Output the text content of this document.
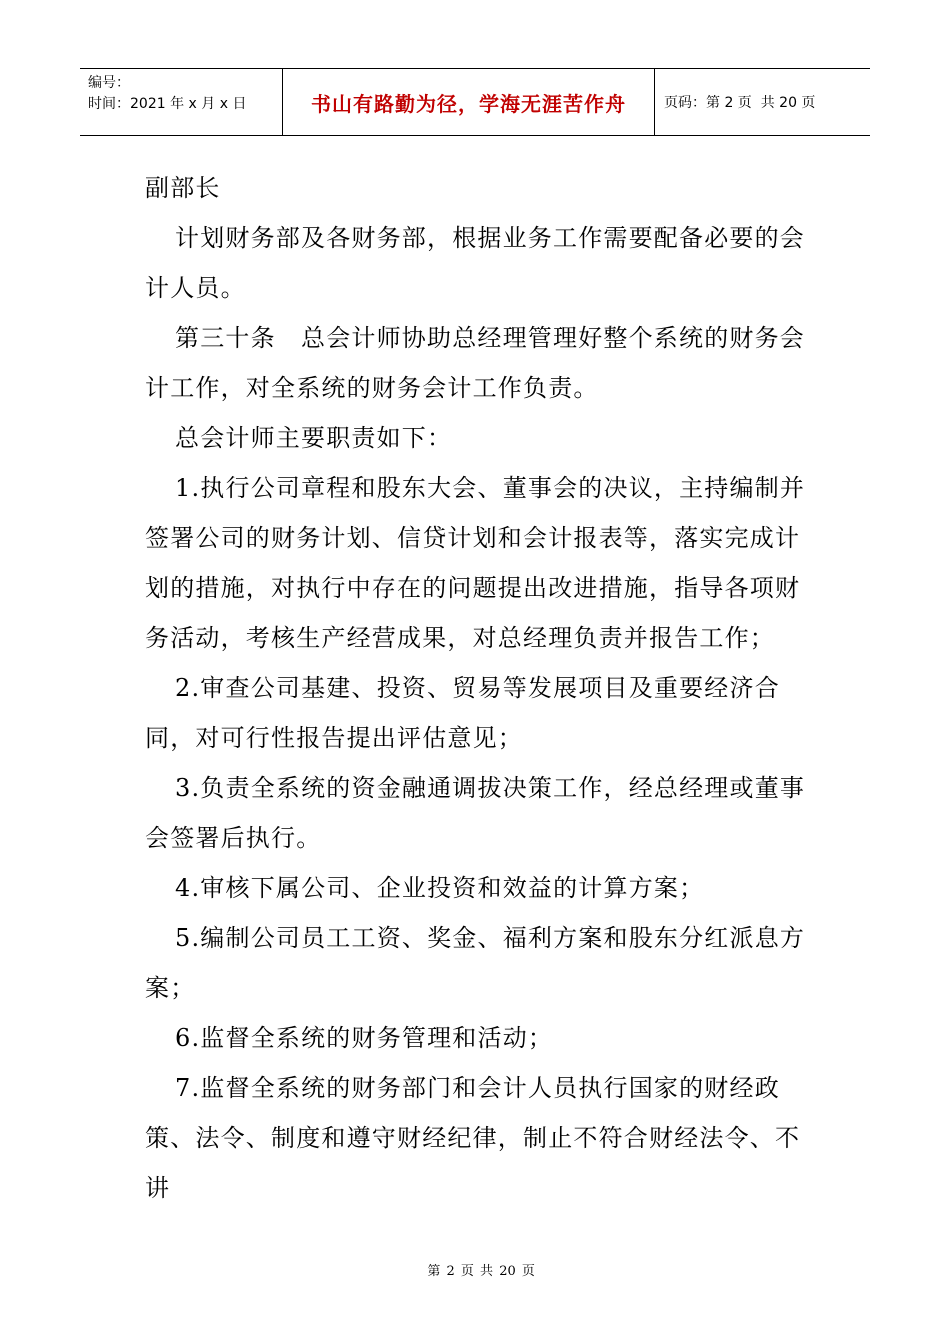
编号：
时间：2021 年 x 月 x 日	书山有路勤为径，学海无涯苦作舟	页码：第 2 页  共 20 页

副部长

计划财务部及各财务部，根据业务工作需要配备必要的会计人员。

第三十条　总会计师协助总经理管理好整个系统的财务会计工作，对全系统的财务会计工作负责。

总会计师主要职责如下：

1.执行公司章程和股东大会、董事会的决议，主持编制并签署公司的财务计划、信贷计划和会计报表等，落实完成计划的措施，对执行中存在的问题提出改进措施，指导各项财务活动，考核生产经营成果，对总经理负责并报告工作；

2.审查公司基建、投资、贸易等发展项目及重要经济合同，对可行性报告提出评估意见；

3.负责全系统的资金融通调拔决策工作，经总经理或董事会签署后执行。

4.审核下属公司、企业投资和效益的计算方案；

5.编制公司员工工资、奖金、福利方案和股东分红派息方案；

6.监督全系统的财务管理和活动；

7.监督全系统的财务部门和会计人员执行国家的财经政策、法令、制度和遵守财经纪律，制止不符合财经法令、不讲

第 2 页 共 20 页
